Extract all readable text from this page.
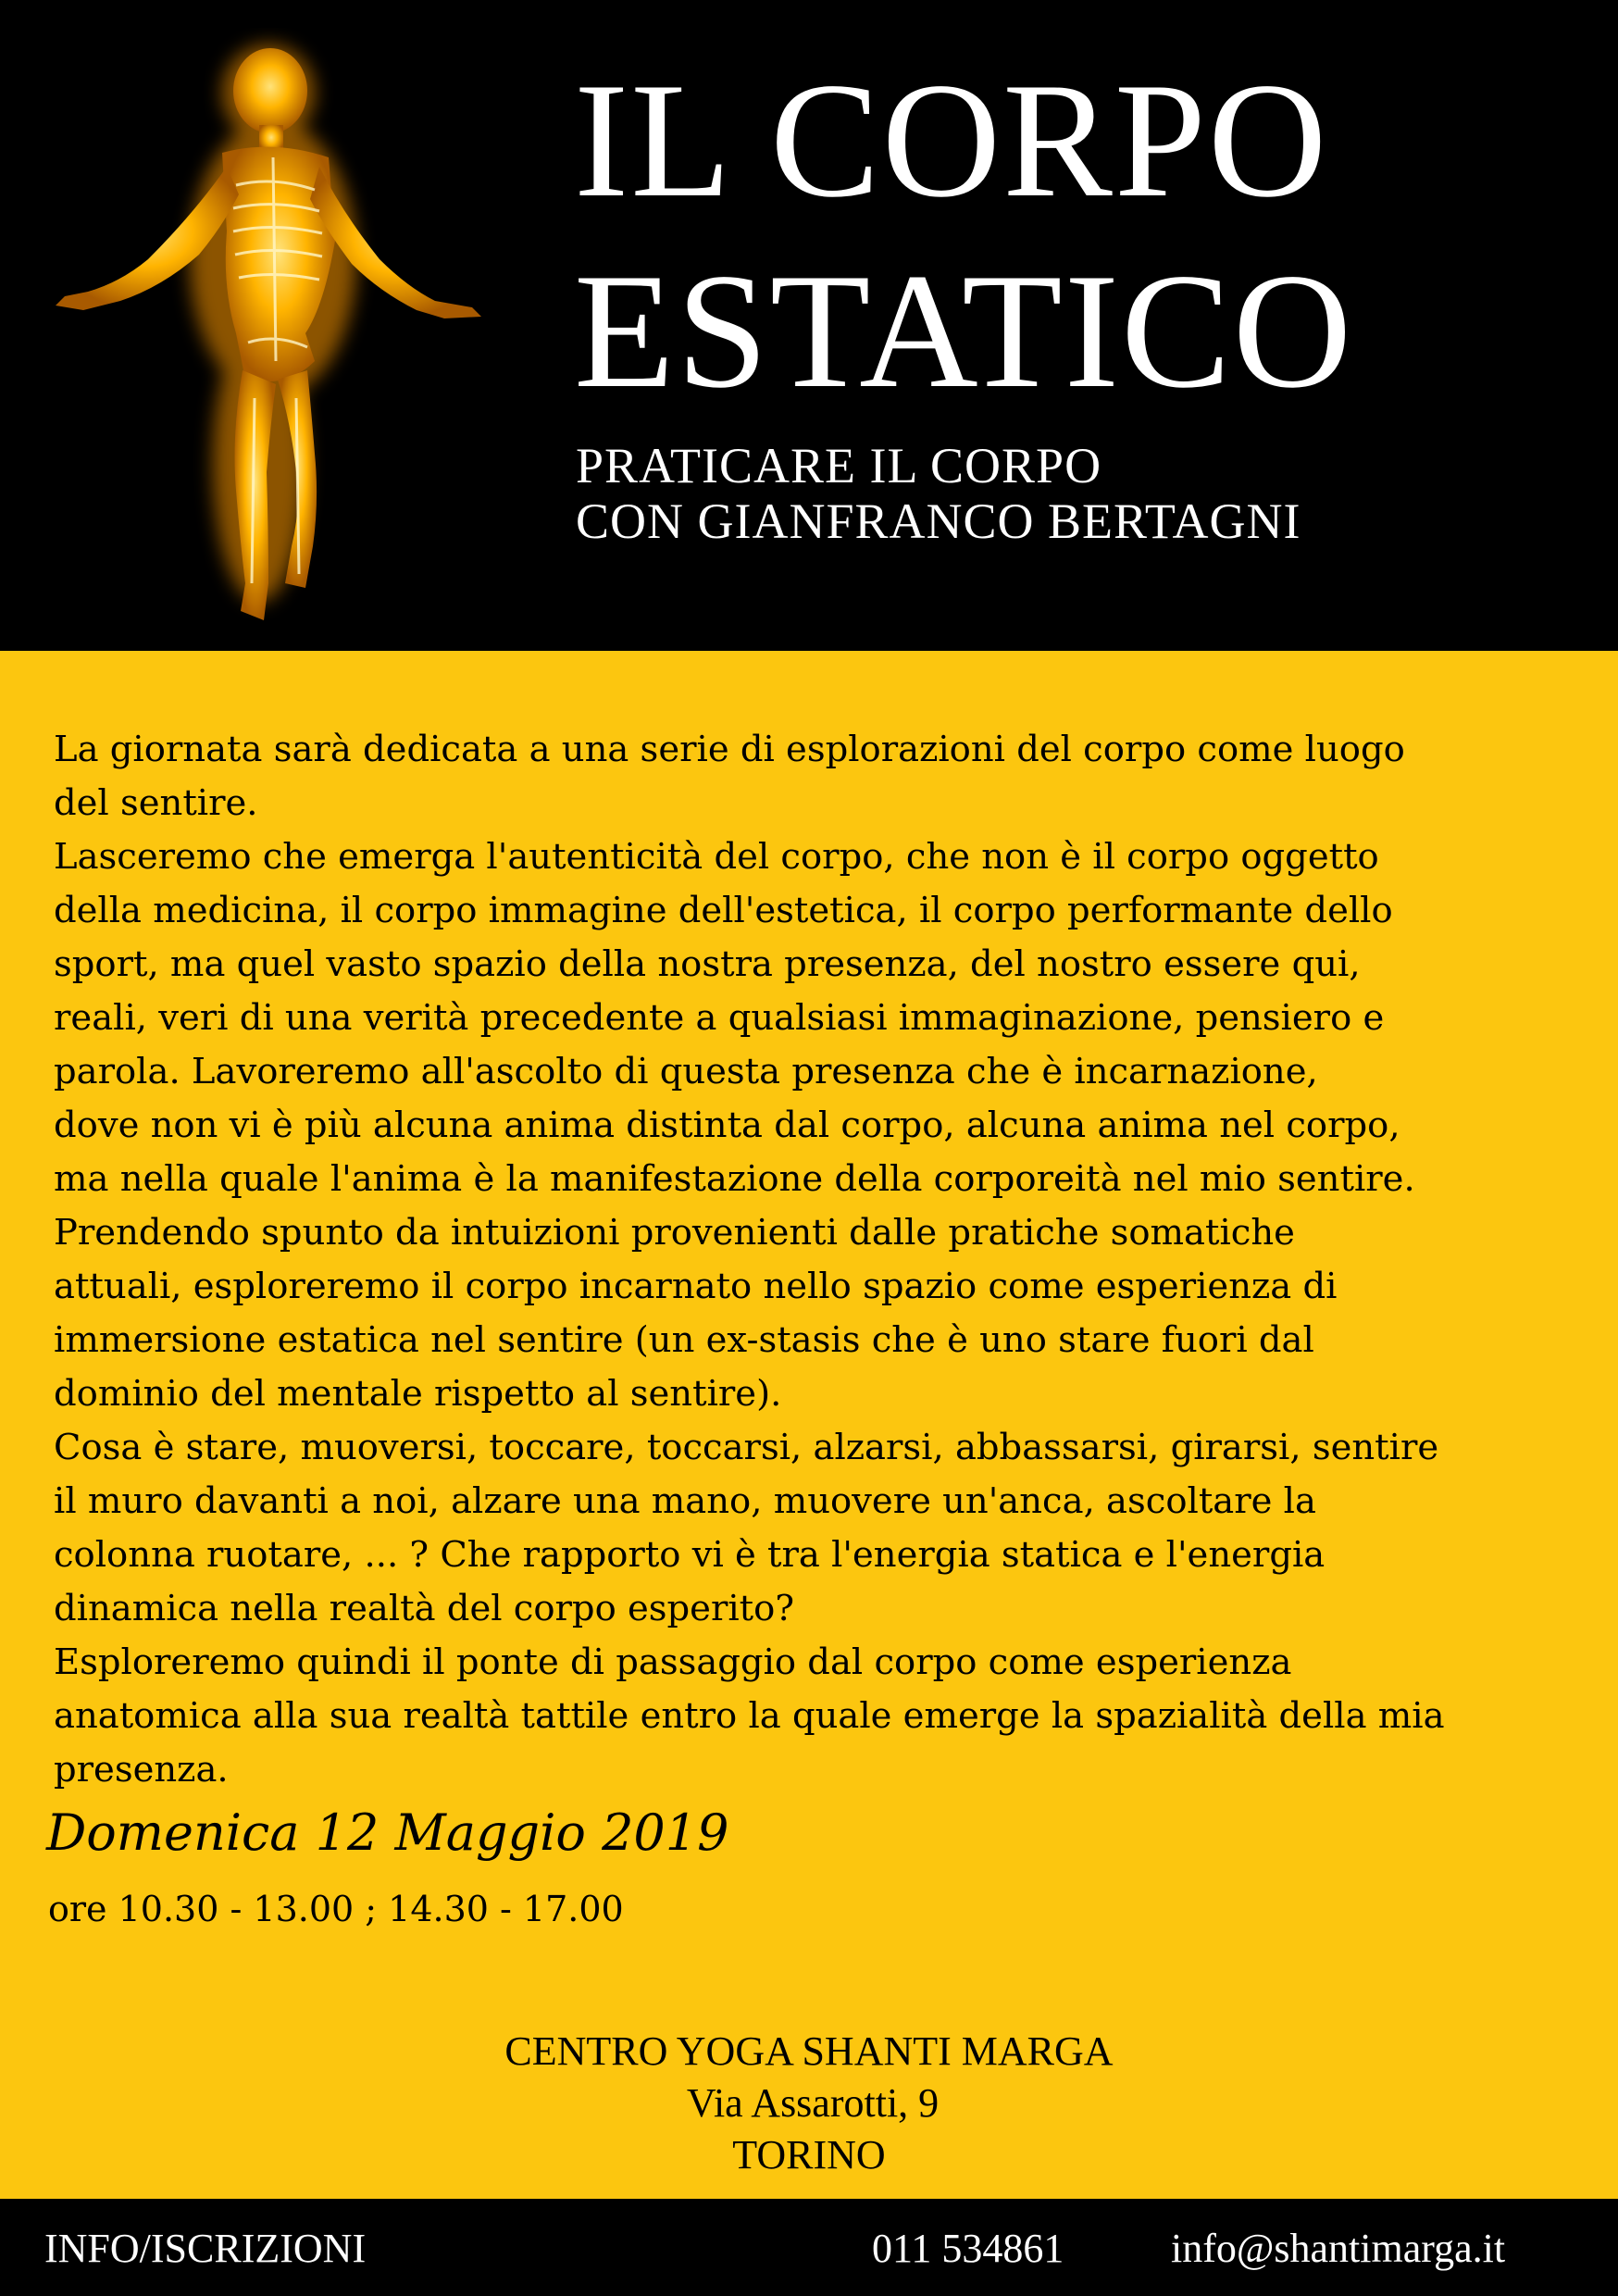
IL CORPO
ESTATICO
PRATICARE IL CORPO
CON GIANFRANCO BERTAGNI
La giornata sarà dedicata a una serie di esplorazioni del corpo come luogo
del sentire.
Lasceremo che emerga l'autenticità del corpo, che non è il corpo oggetto
della medicina, il corpo immagine dell'estetica, il corpo performante dello
sport, ma quel vasto spazio della nostra presenza, del nostro essere qui,
reali, veri di una verità precedente a qualsiasi immaginazione, pensiero e
parola. Lavoreremo all'ascolto di questa presenza che è incarnazione,
dove non vi è più alcuna anima distinta dal corpo, alcuna anima nel corpo,
ma nella quale l'anima è la manifestazione della corporeità nel mio sentire.
Prendendo spunto da intuizioni provenienti dalle pratiche somatiche
attuali, esploreremo il corpo incarnato nello spazio come esperienza di
immersione estatica nel sentire (un ex-stasis che è uno stare fuori dal
dominio del mentale rispetto al sentire).
Cosa è stare, muoversi, toccare, toccarsi, alzarsi, abbassarsi, girarsi, sentire
il muro davanti a noi, alzare una mano, muovere un'anca, ascoltare la
colonna ruotare, ... ? Che rapporto vi è tra l'energia statica e l'energia
dinamica nella realtà del corpo esperito?
Esploreremo quindi il ponte di passaggio dal corpo come esperienza
anatomica alla sua realtà tattile entro la quale emerge la spazialità della mia
presenza.
Domenica 12 Maggio 2019
ore 10.30 - 13.00 ; 14.30 - 17.00
CENTRO YOGA SHANTI MARGA
Via Assarotti, 9
TORINO
INFO/ISCRIZIONI	011 534861	info@shantimarga.it
